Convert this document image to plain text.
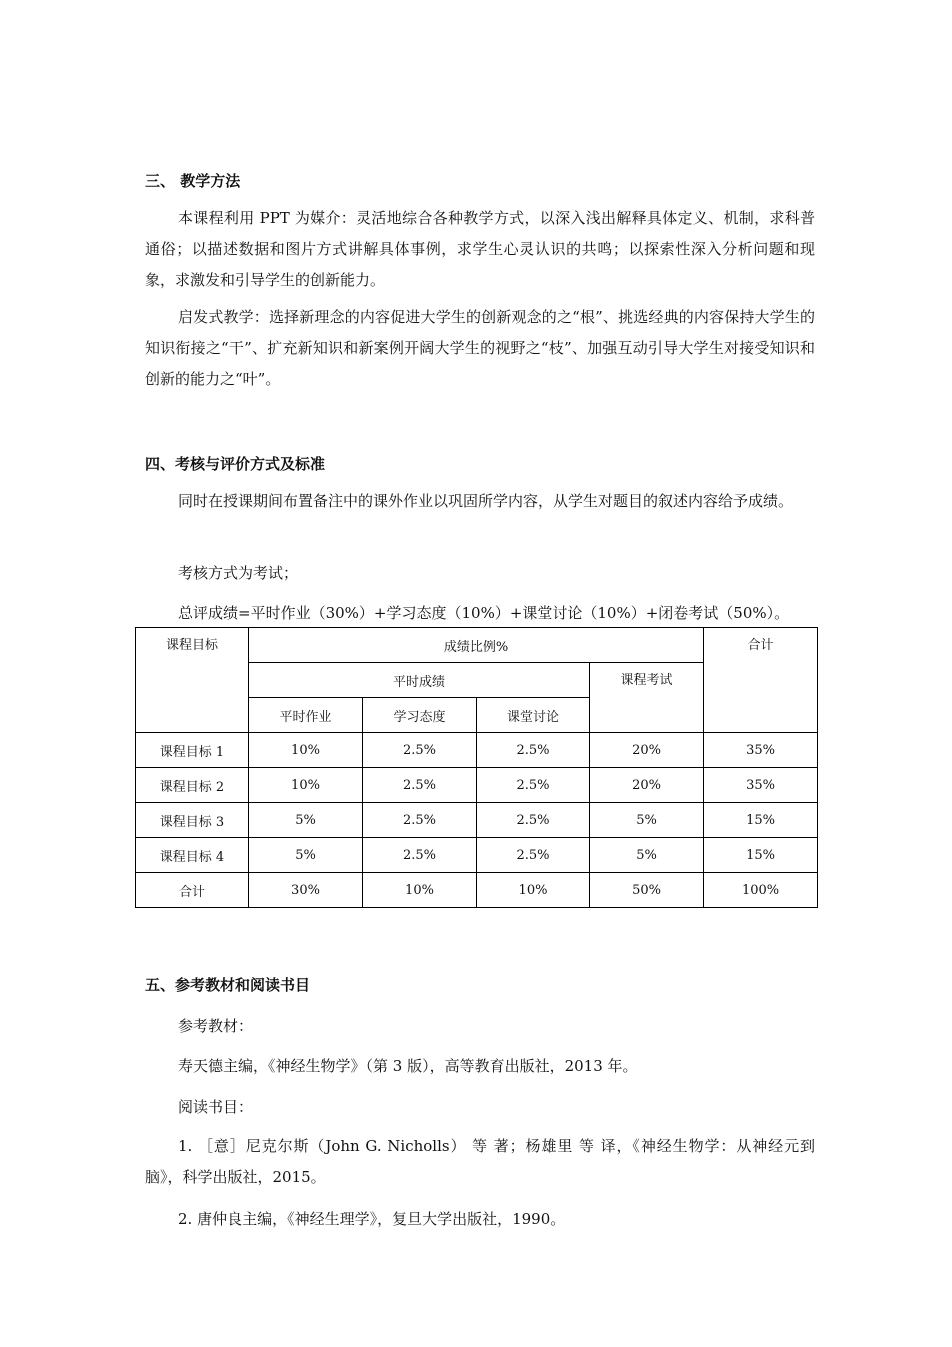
三、 教学方法

本课程利用 PPT 为媒介：灵活地综合各种教学方式，以深入浅出解释具体定义、机制，求科普通俗；以描述数据和图片方式讲解具体事例，求学生心灵认识的共鸣；以探索性深入分析问题和现象，求激发和引导学生的创新能力。

启发式教学：选择新理念的内容促进大学生的创新观念的之“根”、挑选经典的内容保持大学生的知识衔接之“干”、扩充新知识和新案例开阔大学生的视野之“枝”、加强互动引导大学生对接受知识和创新的能力之“叶”。

四、考核与评价方式及标准

同时在授课期间布置备注中的课外作业以巩固所学内容，从学生对题目的叙述内容给予成绩。

考核方式为考试；
总评成绩=平时作业（30%）+学习态度（10%）+课堂讨论（10%）+闭卷考试（50%）。
课程目标	成绩比例%				合计
	平时成绩			课程考试	
	平时作业	学习态度	课堂讨论		
课程目标 1	10%	2.5%	2.5%	20%	35%
课程目标 2	10%	2.5%	2.5%	20%	35%
课程目标 3	5%	2.5%	2.5%	5%	15%
课程目标 4	5%	2.5%	2.5%	5%	15%
合计	30%	10%	10%	50%	100%
五、参考教材和阅读书目
参考教材：
寿天德主编，《神经生物学》（第 3 版），高等教育出版社，2013 年。
阅读书目：

1. ［意］尼克尔斯（John G. Nicholls） 等 著；杨雄里 等 译，《神经生物学：从神经元到脑》，科学出版社，2015。

2. 唐仲良主编，《神经生理学》，复旦大学出版社，1990。
